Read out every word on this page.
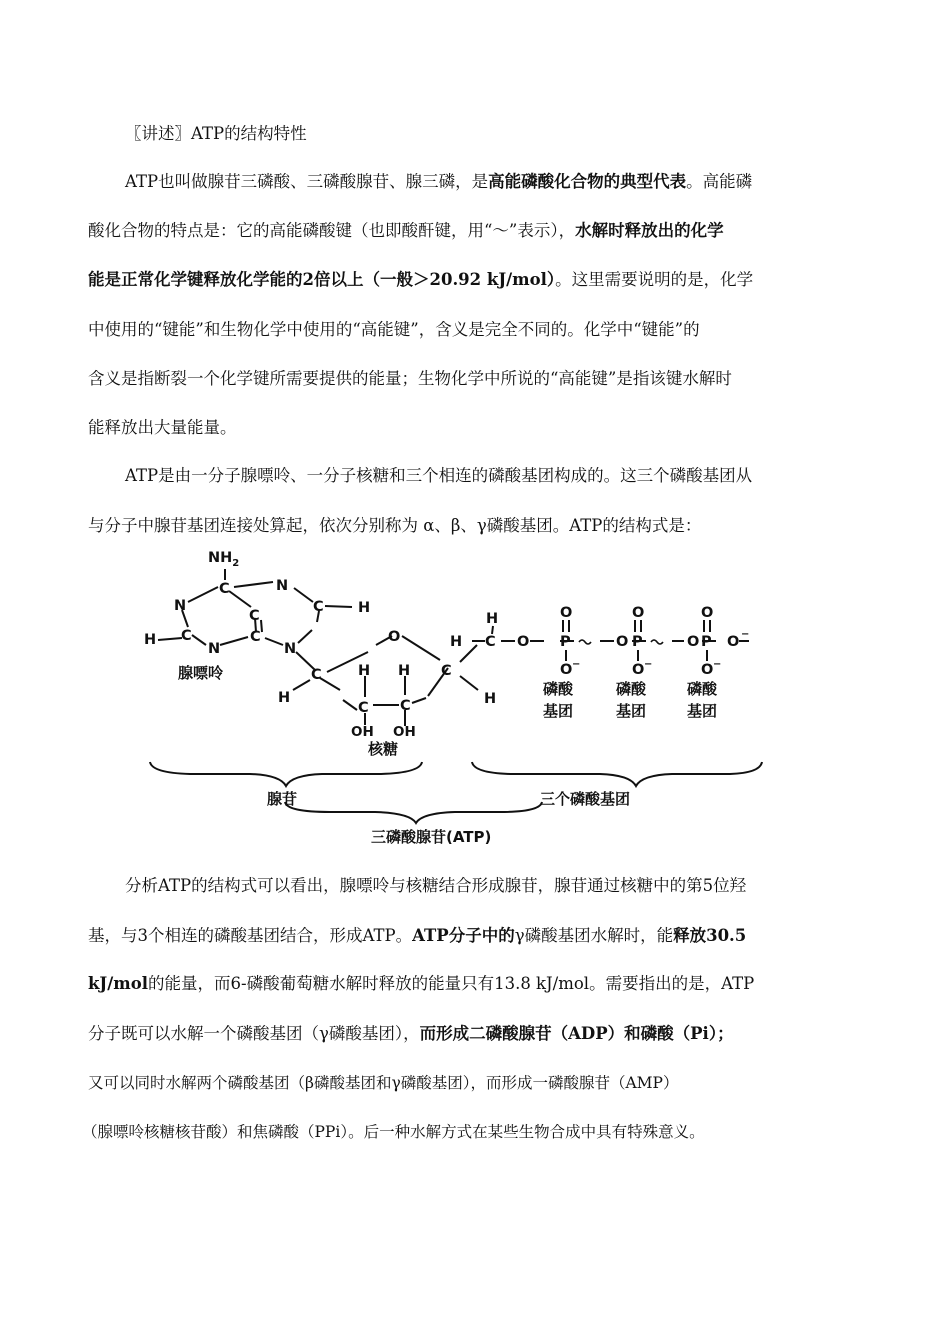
〖讲述〗ATP的结构特性
ATP也叫做腺苷三磷酸、三磷酸腺苷、腺三磷，是高能磷酸化合物的典型代表。高能磷
酸化合物的特点是：它的高能磷酸键（也即酸酐键，用“～”表示），水解时释放出的化学
能是正常化学键释放化学能的2倍以上（一般＞20.92 kJ/mol）。这里需要说明的是，化学
中使用的“键能”和生物化学中使用的“高能键”，含义是完全不同的。化学中“键能”的
含义是指断裂一个化学键所需要提供的能量；生物化学中所说的“高能键”是指该键水解时
能释放出大量能量。
ATP是由一分子腺嘌呤、一分子核糖和三个相连的磷酸基团构成的。这三个磷酸基团从
与分子中腺苷基团连接处算起，依次分别称为 α、β、γ磷酸基团。ATP的结构式是：
$NH_2$
C	N
N
C
C H
H C
N
C
N
O
C	C
H H
H	H
C C
OH OH
H
H C O
O	O	O
P	O P	O P O −
O −	O −	O −
腺嘌呤
核糖
磷酸
基团
磷酸
基团
磷酸
基团
腺苷	三个磷酸基团
三磷酸腺苷(ATP)
分析ATP的结构式可以看出，腺嘌呤与核糖结合形成腺苷，腺苷通过核糖中的第5位羟
基，与3个相连的磷酸基团结合，形成ATP。ATP分子中的γ磷酸基团水解时，能释放30.5
kJ/mol的能量，而6-磷酸葡萄糖水解时释放的能量只有13.8 kJ/mol。需要指出的是，ATP
分子既可以水解一个磷酸基团（γ磷酸基团），而形成二磷酸腺苷（ADP）和磷酸（Pi）；
又可以同时水解两个磷酸基团（β磷酸基团和γ磷酸基团），而形成一磷酸腺苷（AMP）
（腺嘌呤核糖核苷酸）和焦磷酸（PPi）。后一种水解方式在某些生物合成中具有特殊意义。
